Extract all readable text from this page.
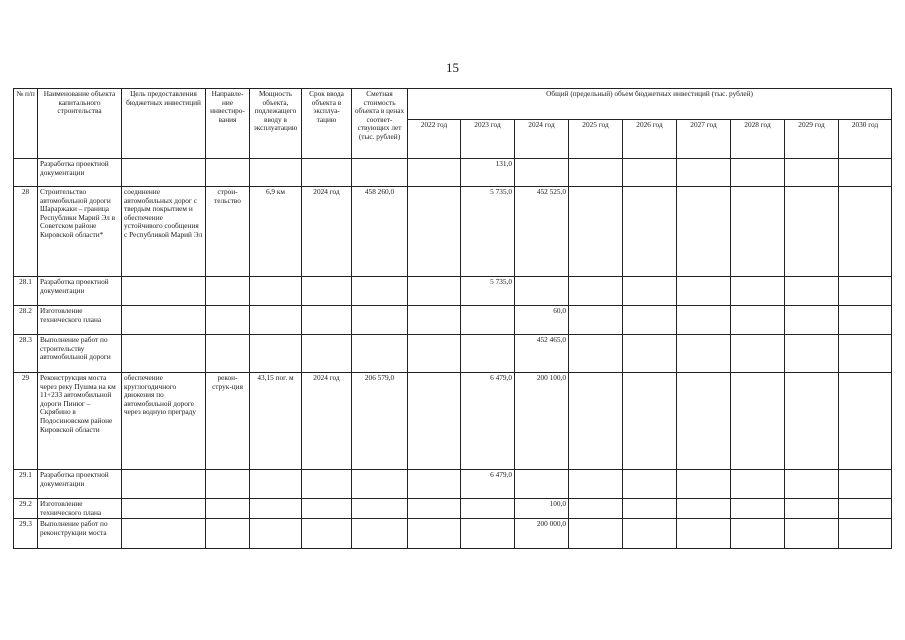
15
№ п/п	Наименование объекта капитального строительства	Цель предоставления бюджетных инвестиций	Направле-ние инвестиро-вания	Мощность объекта, подлежащего вводу в эксплуатацию	Срок ввода объекта в эксплуа-тацию	Сметная стоимость объекта в ценах соответ-ствующих лет (тыс. рублей)	Общий (предельный) объем бюджетных инвестиций (тыс. рублей)								
							2022 год	2023 год	2024 год	2025 год	2026 год	2027 год	2028 год	2029 год	2030 год
	Разработка проектной документации							131,0							
28	Строительство автомобильной дороги Шараржаки – граница Республики Марий Эл в Советском районе Кировской области*	соединение автомобильных дорог с твердым покрытием и обеспечение устойчивого сообщения с Республикой Марий Эл	строи-тельство	6,9 км	2024 год	458 260,0		5 735,0	452 525,0						
28.1	Разработка проектной документации							5 735,0							
28.2	Изготовление технического плана								60,0						
28.3	Выполнение работ по строительству автомобильной дороги								452 465,0						
29	Реконструкция моста через реку Пушма на км 11+233 автомобильной дороги Пинюг – Скрябино в Подосиновском районе Кировской области	обеспечение круглогодичного движения по автомобильной дороге через водную преграду	рекон-струк-ция	43,15 пог. м	2024 год	206 579,0		6 479,0	200 100,0						
29.1	Разработка проектной документации							6 479,0							
29.2	Изготовление технического плана								100,0						
29.3	Выполнение работ по реконструкции моста								200 000,0						
